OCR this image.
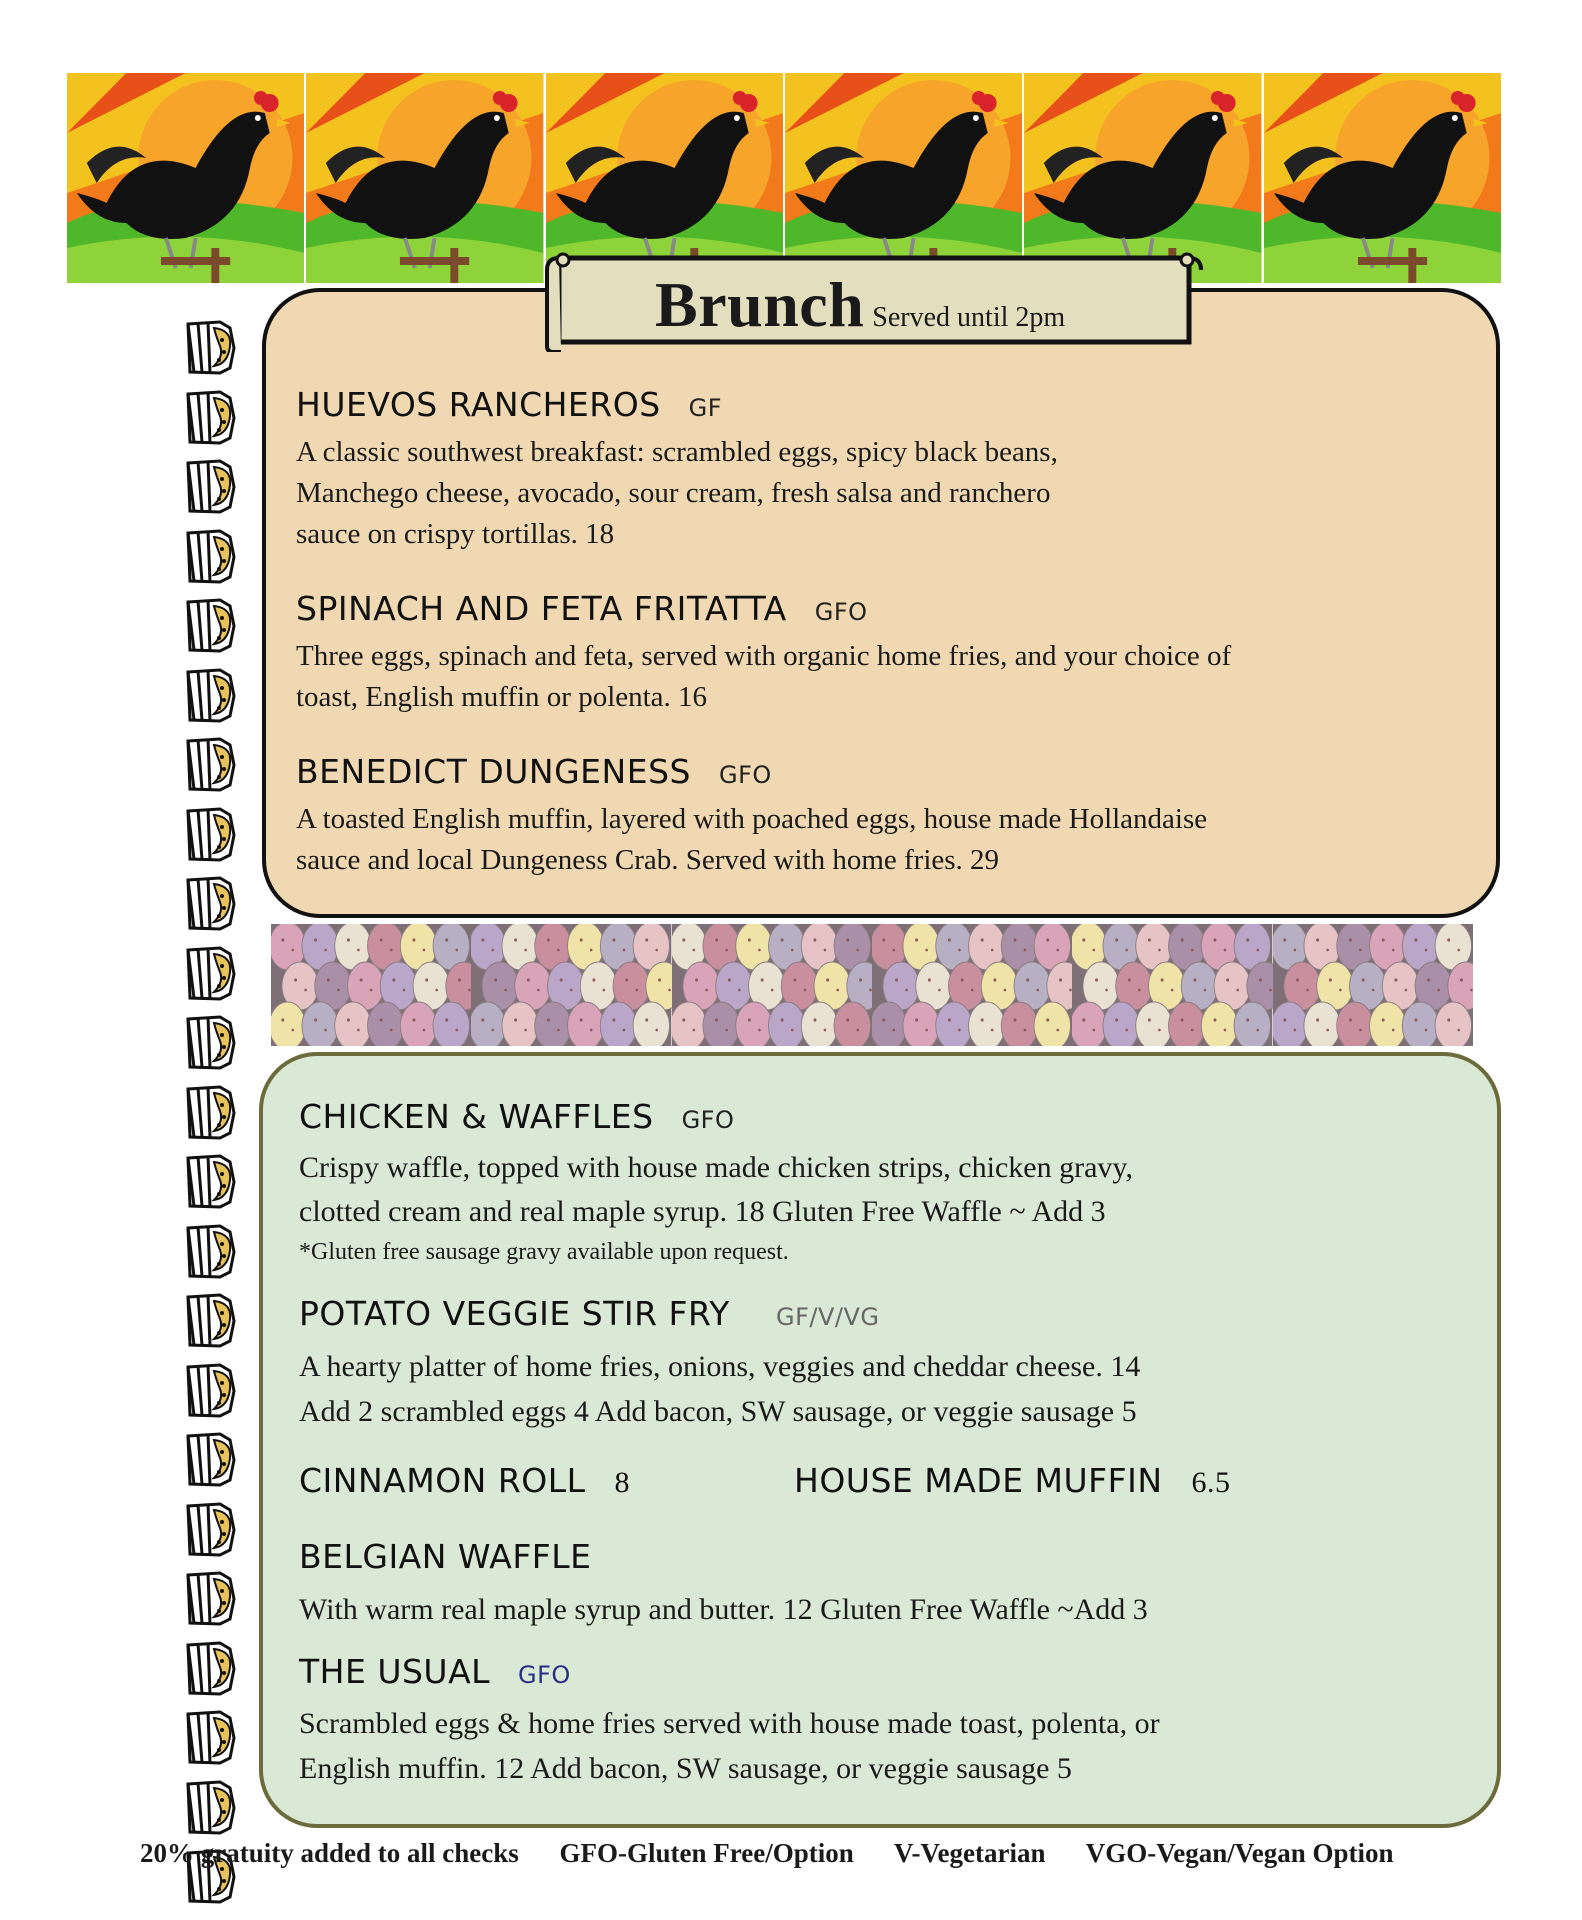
Brunch Served until 2pm
HUEVOS RANCHEROS GF
A classic southwest breakfast: scrambled eggs, spicy black beans,
Manchego cheese, avocado, sour cream, fresh salsa and ranchero
sauce on crispy tortillas. 18
SPINACH AND FETA FRITATTA GFO
Three eggs, spinach and feta, served with organic home fries, and your choice of
toast, English muffin or polenta. 16
BENEDICT DUNGENESS GFO
A toasted English muffin, layered with poached eggs, house made Hollandaise
sauce and local Dungeness Crab. Served with home fries. 29
CHICKEN & WAFFLES GFO
Crispy waffle, topped with house made chicken strips, chicken gravy,
clotted cream and real maple syrup. 18 Gluten Free Waffle ~ Add 3
*Gluten free sausage gravy available upon request.
POTATO VEGGIE STIR FRY GF/V/VG
A hearty platter of home fries, onions, veggies and cheddar cheese. 14
Add 2 scrambled eggs 4 Add bacon, SW sausage, or veggie sausage 5
CINNAMON ROLL 8	HOUSE MADE MUFFIN 6.5
BELGIAN WAFFLE
With warm real maple syrup and butter. 12 Gluten Free Waffle ~Add 3
THE USUAL GFO
Scrambled eggs & home fries served with house made toast, polenta, or
English muffin. 12 Add bacon, SW sausage, or veggie sausage 5
20% gratuity added to all checks GFO-Gluten Free/Option V-Vegetarian VGO-Vegan/Vegan Option
